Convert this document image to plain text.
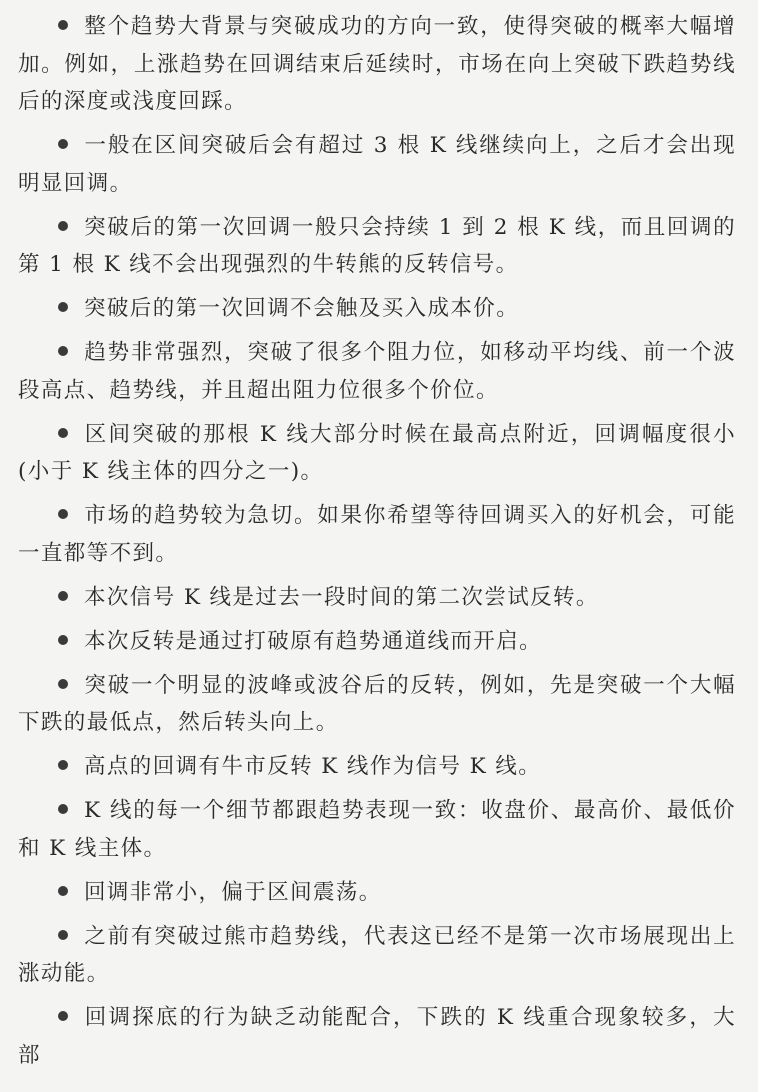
整个趋势大背景与突破成功的方向一致，使得突破的概率大幅增加。例如，上涨趋势在回调结束后延续时，市场在向上突破下跌趋势线后的深度或浅度回踩。
一般在区间突破后会有超过 3 根 K 线继续向上，之后才会出现明显回调。
突破后的第一次回调一般只会持续 1 到 2 根 K 线，而且回调的第 1 根 K 线不会出现强烈的牛转熊的反转信号。
突破后的第一次回调不会触及买入成本价。
趋势非常强烈，突破了很多个阻力位，如移动平均线、前一个波段高点、趋势线，并且超出阻力位很多个价位。
区间突破的那根 K 线大部分时候在最高点附近，回调幅度很小(小于 K 线主体的四分之一)。
市场的趋势较为急切。如果你希望等待回调买入的好机会，可能一直都等不到。
本次信号 K 线是过去一段时间的第二次尝试反转。
本次反转是通过打破原有趋势通道线而开启。
突破一个明显的波峰或波谷后的反转，例如，先是突破一个大幅下跌的最低点，然后转头向上。
高点的回调有牛市反转 K 线作为信号 K 线。
K 线的每一个细节都跟趋势表现一致：收盘价、最高价、最低价和 K 线主体。
回调非常小，偏于区间震荡。
之前有突破过熊市趋势线，代表这已经不是第一次市场展现出上涨动能。
回调探底的行为缺乏动能配合，下跌的 K 线重合现象较多，大部
